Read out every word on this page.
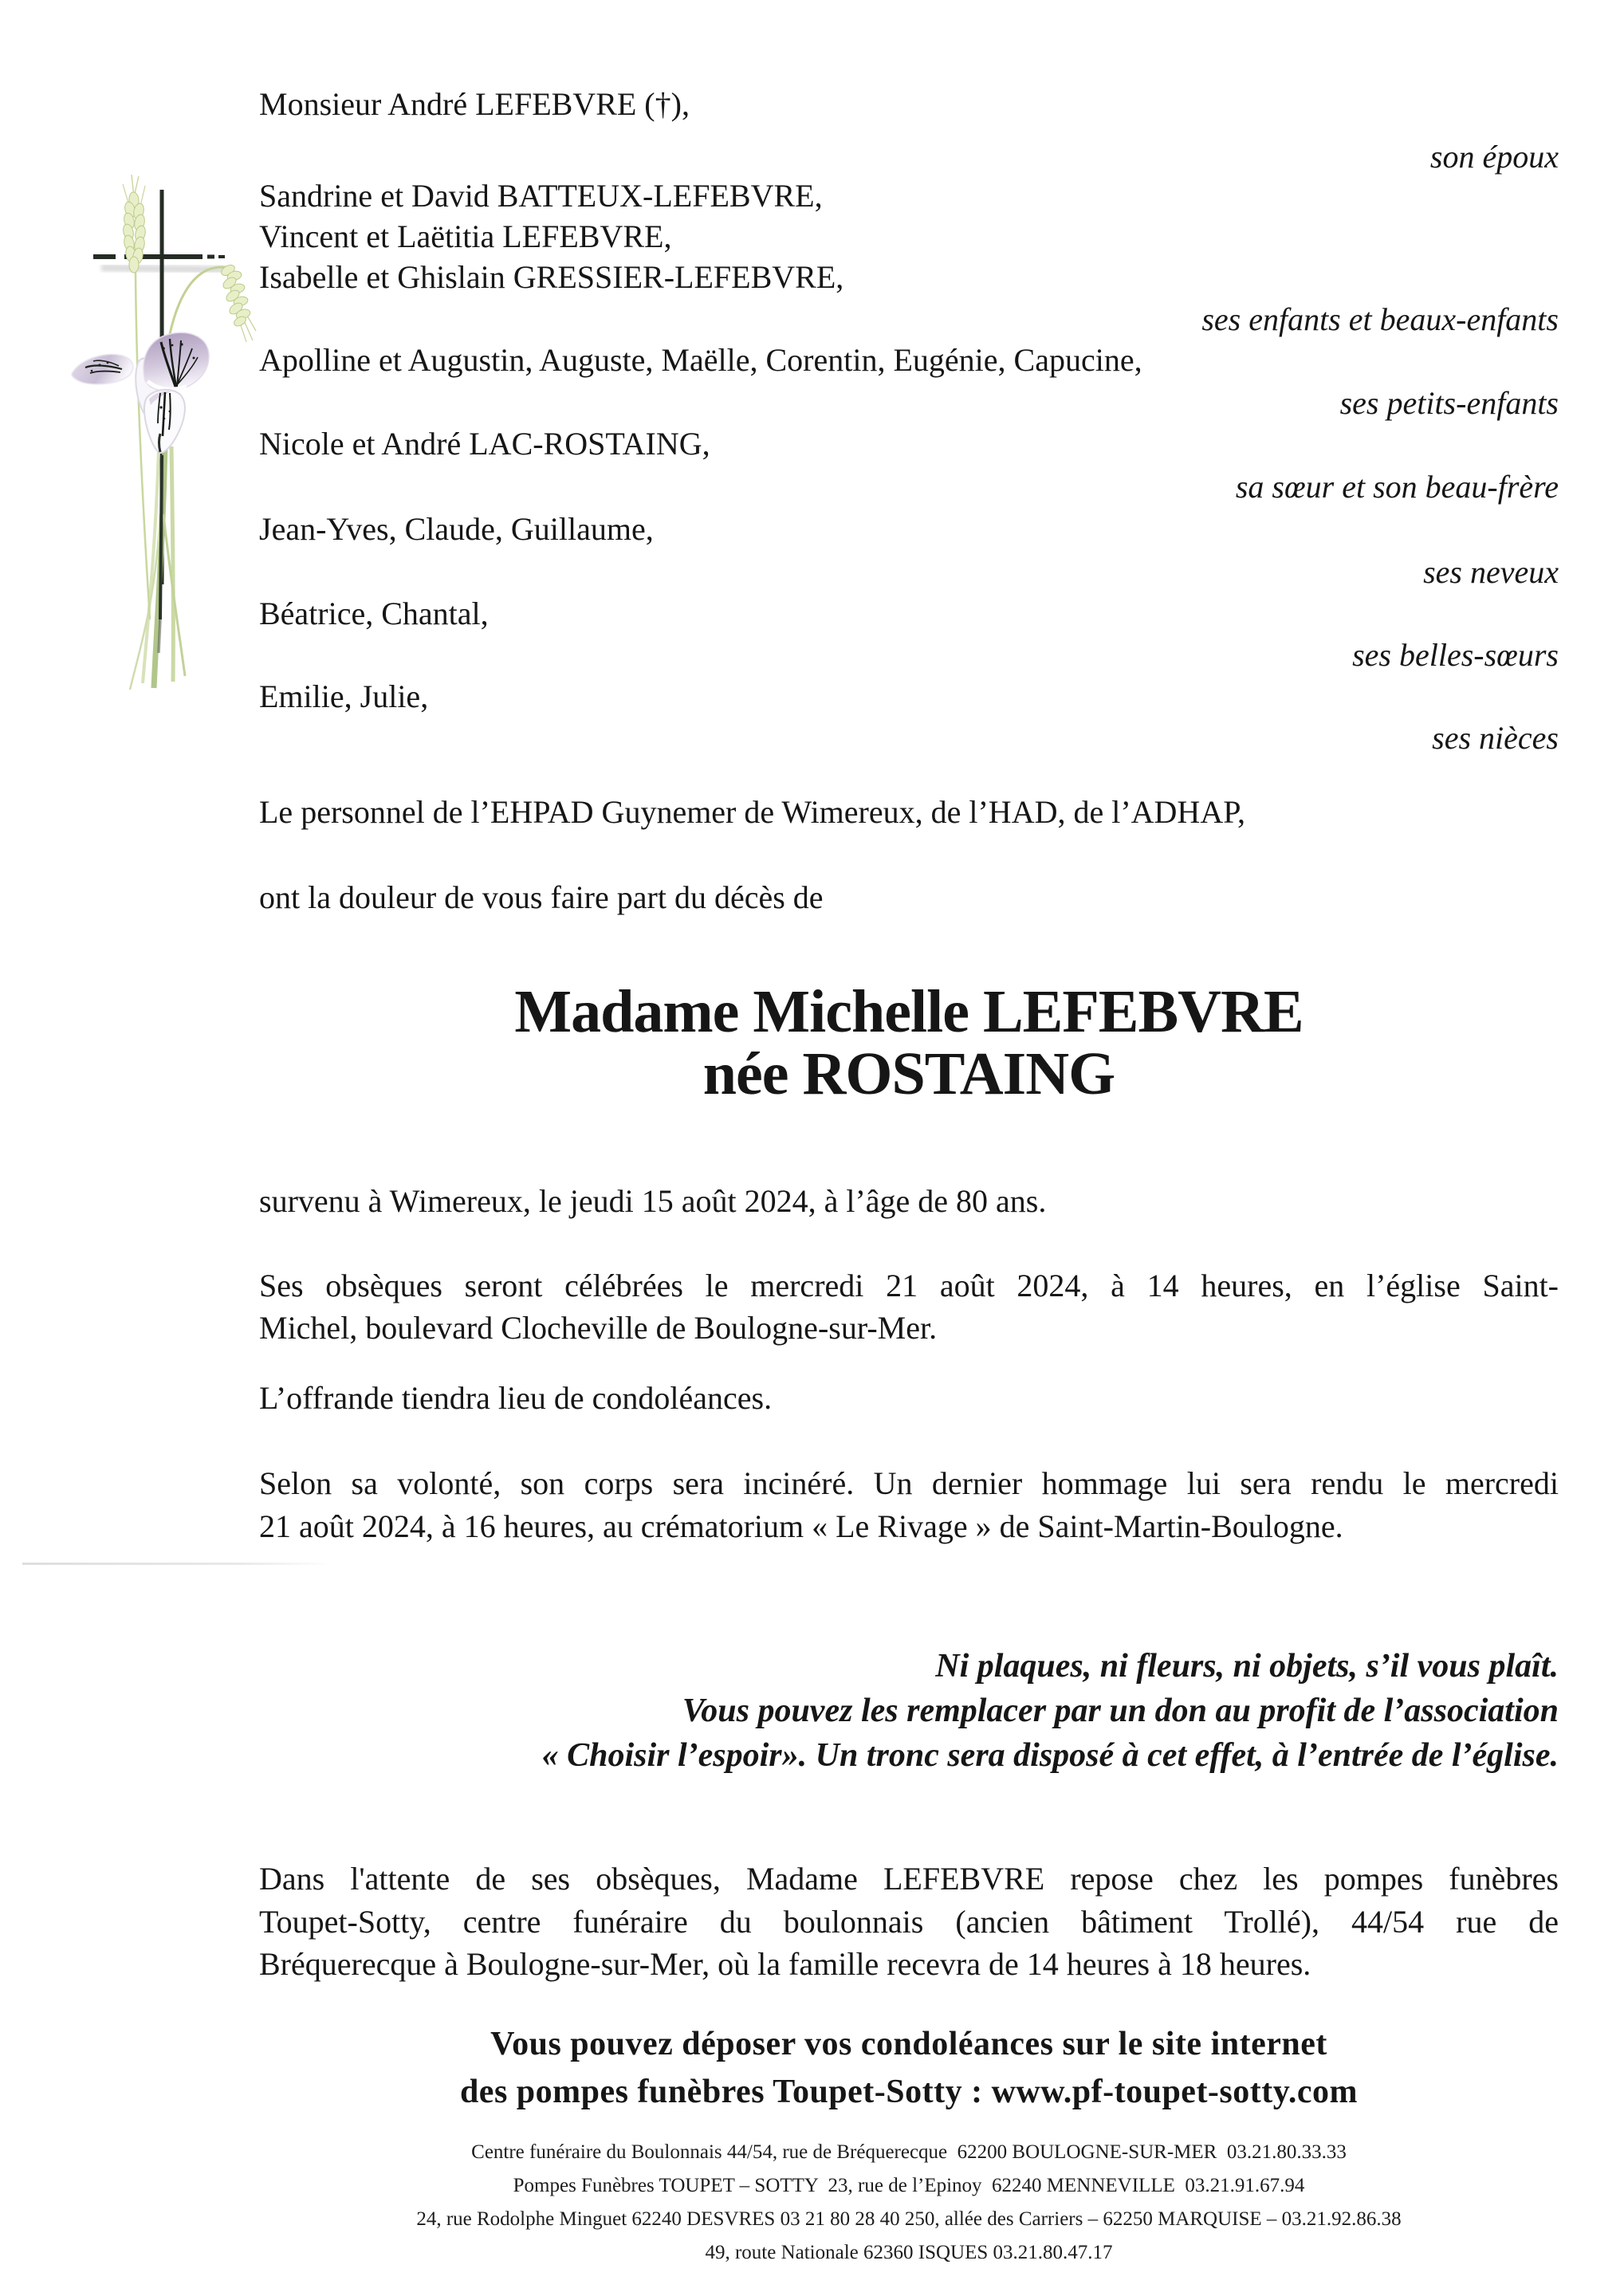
Monsieur André LEFEBVRE (†),
son époux
Sandrine et David BATTEUX-LEFEBVRE,
Vincent et Laëtitia LEFEBVRE,
Isabelle et Ghislain GRESSIER-LEFEBVRE,
ses enfants et beaux-enfants
Apolline et Augustin, Auguste, Maëlle, Corentin, Eugénie, Capucine,
ses petits-enfants
Nicole et André LAC-ROSTAING,
sa sœur et son beau-frère
Jean-Yves, Claude, Guillaume,
ses neveux
Béatrice, Chantal,
ses belles-sœurs
Emilie, Julie,
ses nièces
Le personnel de l’EHPAD Guynemer de Wimereux, de l’HAD, de l’ADHAP,
ont la douleur de vous faire part du décès de
Madame Michelle LEFEBVRE
née ROSTAING
survenu à Wimereux, le jeudi 15 août 2024, à l’âge de 80 ans.
Ses obsèques seront célébrées le mercredi 21 août 2024, à 14 heures, en l’église Saint-
Michel, boulevard Clocheville de Boulogne-sur-Mer.
L’offrande tiendra lieu de condoléances.
Selon sa volonté, son corps sera incinéré. Un dernier hommage lui sera rendu le mercredi
21 août 2024, à 16 heures, au crématorium « Le Rivage » de Saint-Martin-Boulogne.
Ni plaques, ni fleurs, ni objets, s’il vous plaît.
Vous pouvez les remplacer par un don au profit de l’association
« Choisir l’espoir». Un tronc sera disposé à cet effet, à l’entrée de l’église.
Dans l'attente de ses obsèques, Madame LEFEBVRE repose chez les pompes funèbres
Toupet-Sotty, centre funéraire du boulonnais (ancien bâtiment Trollé), 44/54 rue de
Bréquerecque à Boulogne-sur-Mer, où la famille recevra de 14 heures à 18 heures.
Vous pouvez déposer vos condoléances sur le site internet
des pompes funèbres Toupet-Sotty : www.pf-toupet-sotty.com
Centre funéraire du Boulonnais 44/54, rue de Bréquerecque  62200 BOULOGNE-SUR-MER  03.21.80.33.33
Pompes Funèbres TOUPET – SOTTY  23, rue de l’Epinoy  62240 MENNEVILLE  03.21.91.67.94
24, rue Rodolphe Minguet 62240 DESVRES 03 21 80 28 40 250, allée des Carriers – 62250 MARQUISE – 03.21.92.86.38
49, route Nationale 62360 ISQUES 03.21.80.47.17
